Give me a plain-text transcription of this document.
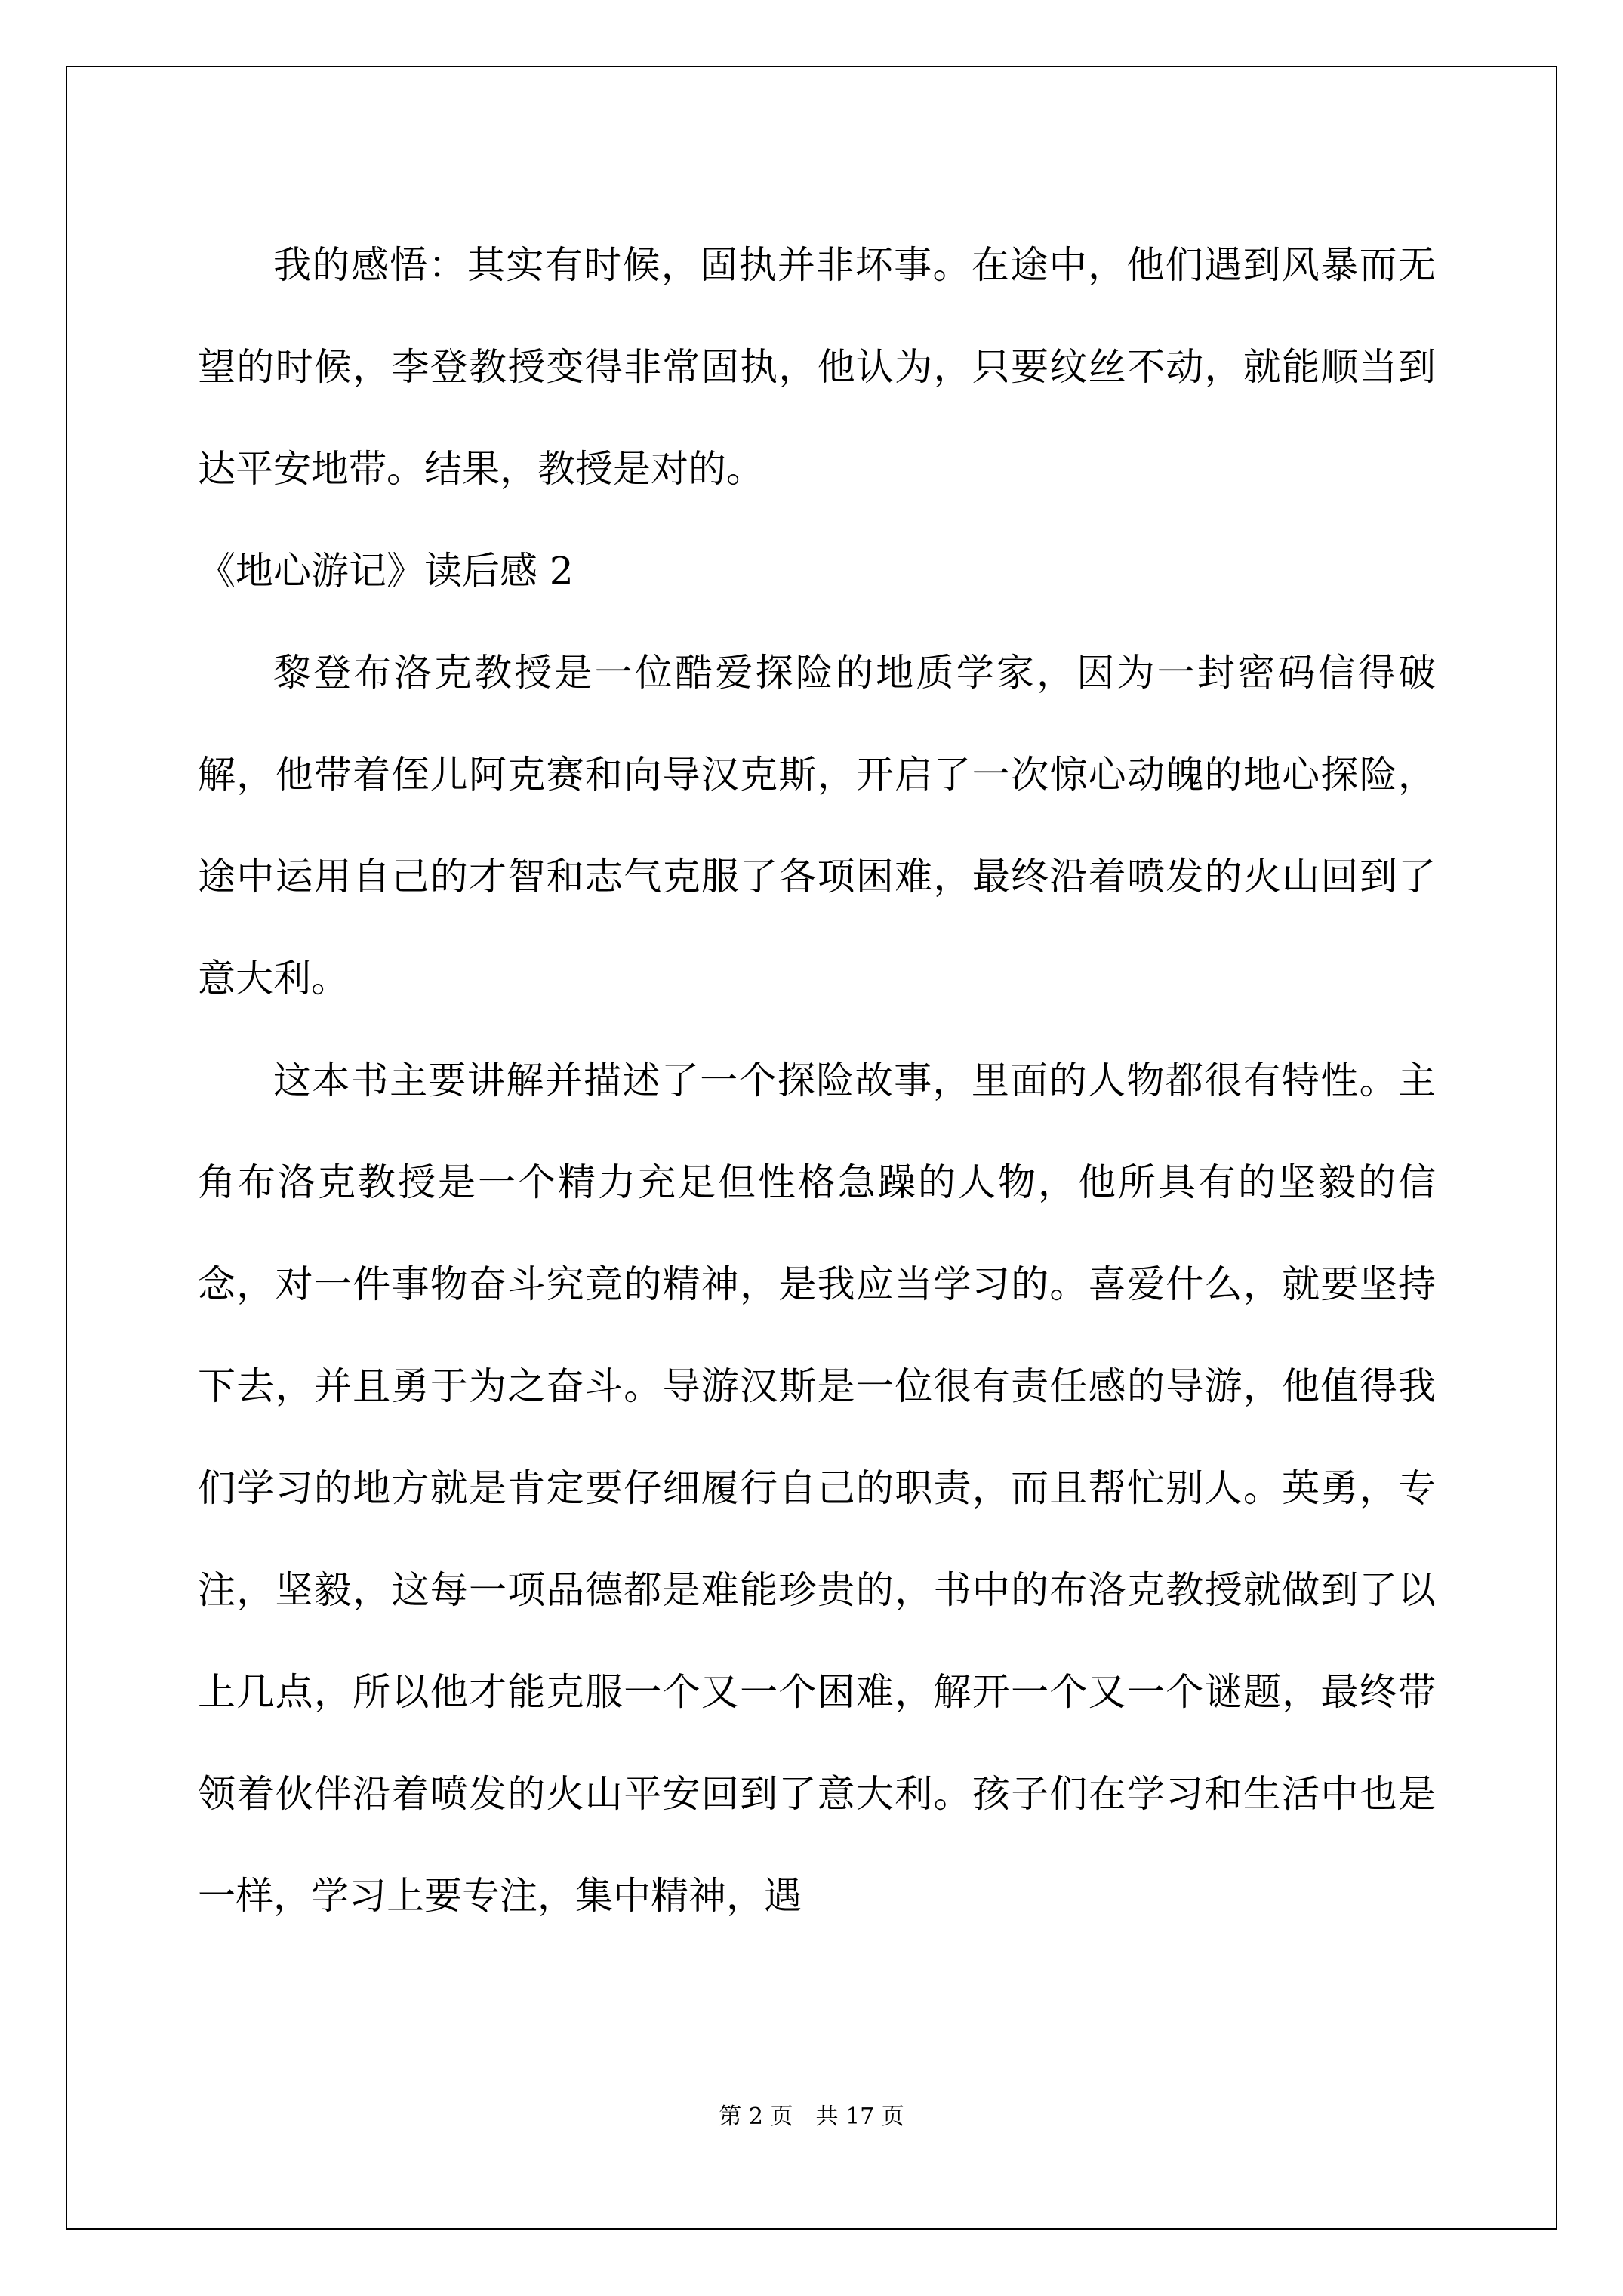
我的感悟：其实有时候，固执并非坏事。在途中，他们遇到风暴而无望的时候，李登教授变得非常固执，他认为，只要纹丝不动，就能顺当到达平安地带。结果，教授是对的。

《地心游记》读后感 2

黎登布洛克教授是一位酷爱探险的地质学家，因为一封密码信得破解，他带着侄儿阿克赛和向导汉克斯，开启了一次惊心动魄的地心探险，途中运用自己的才智和志气克服了各项困难，最终沿着喷发的火山回到了意大利。

这本书主要讲解并描述了一个探险故事，里面的人物都很有特性。主角布洛克教授是一个精力充足但性格急躁的人物，他所具有的坚毅的信念，对一件事物奋斗究竟的精神，是我应当学习的。喜爱什么，就要坚持下去，并且勇于为之奋斗。导游汉斯是一位很有责任感的导游，他值得我们学习的地方就是肯定要仔细履行自己的职责，而且帮忙别人。英勇，专注，坚毅，这每一项品德都是难能珍贵的，书中的布洛克教授就做到了以上几点，所以他才能克服一个又一个困难，解开一个又一个谜题，最终带领着伙伴沿着喷发的火山平安回到了意大利。孩子们在学习和生活中也是一样，学习上要专注，集中精神，遇

第 2 页　共 17 页
